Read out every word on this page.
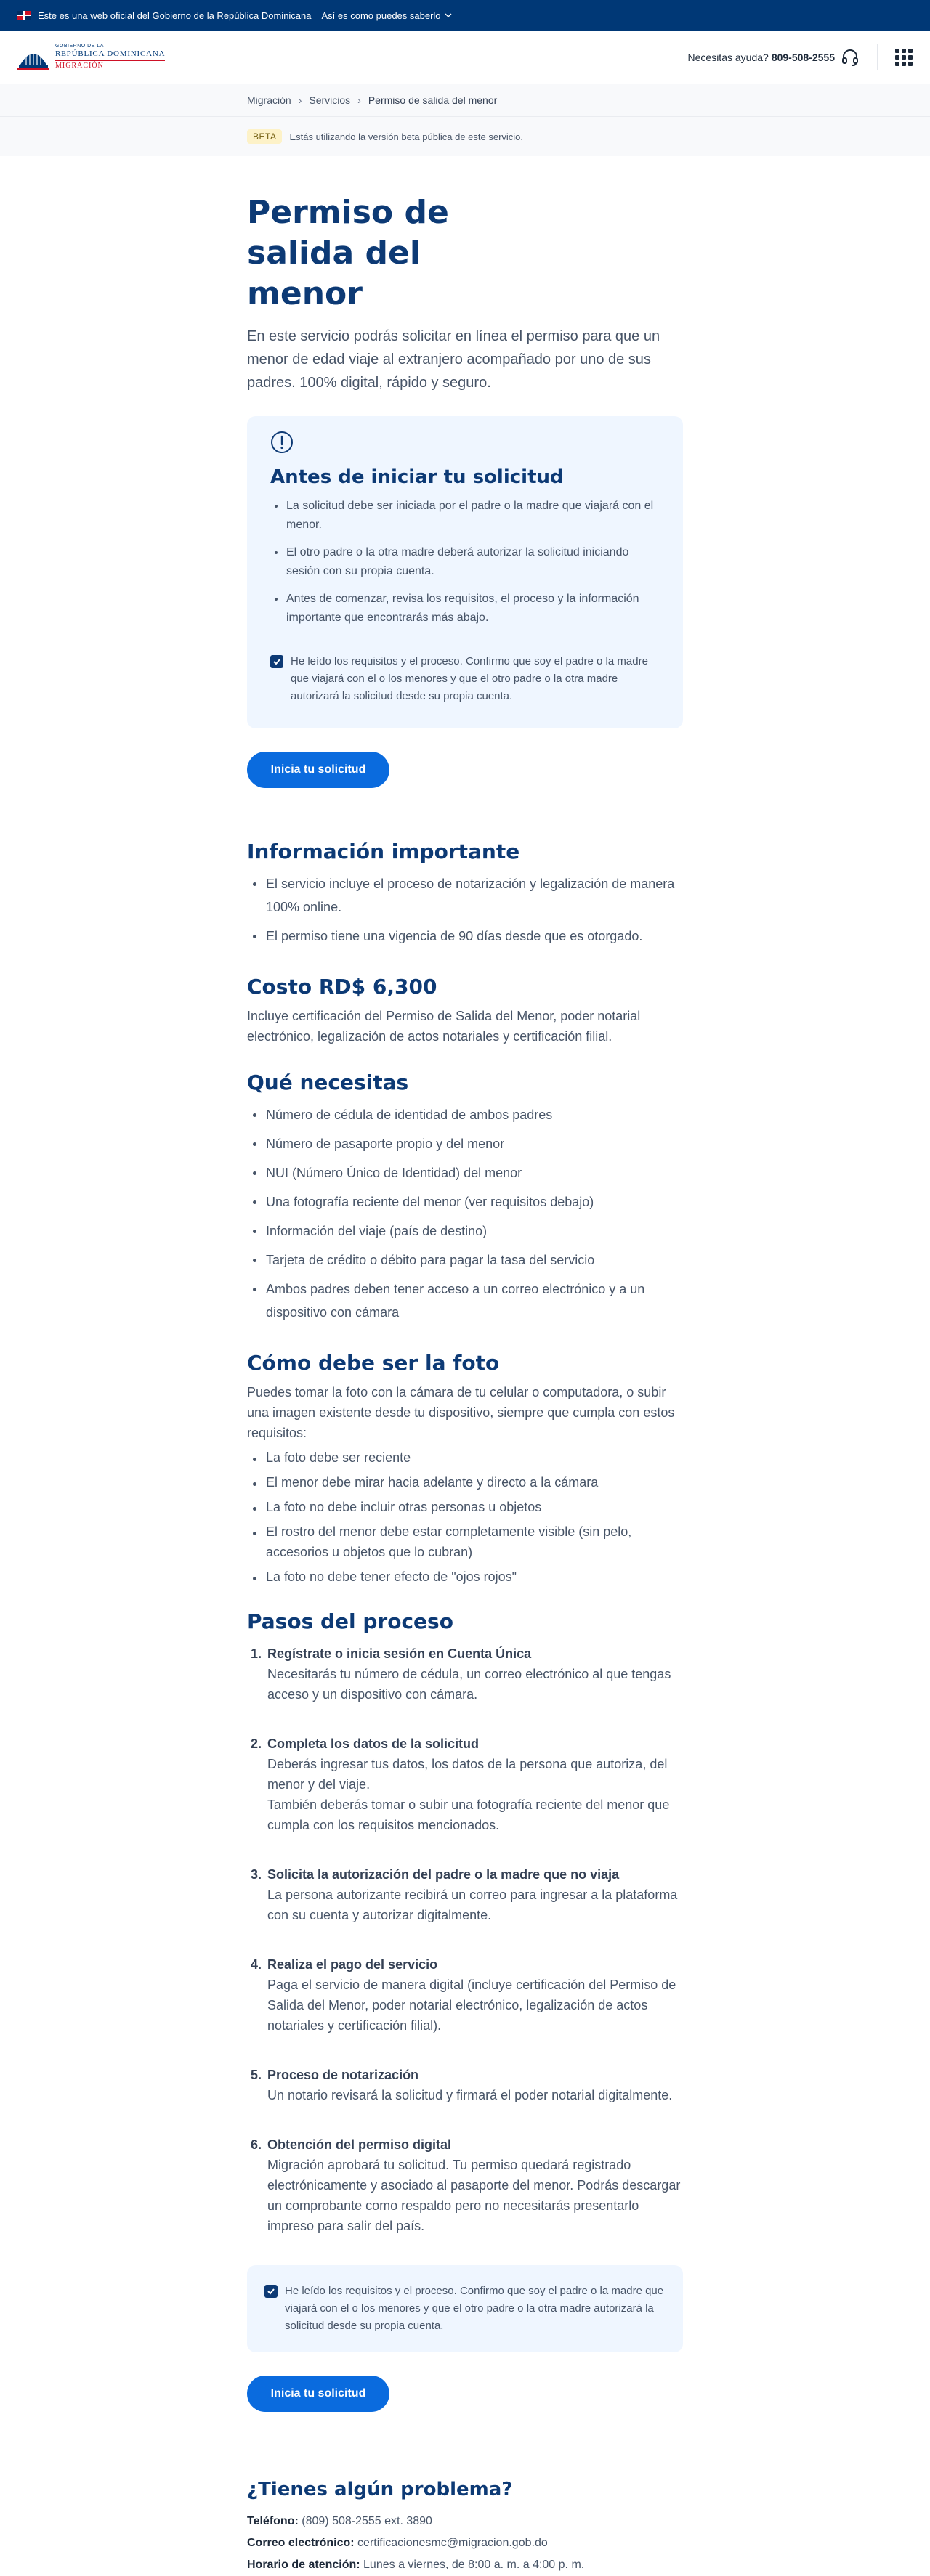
Este es una web oficial del Gobierno de la República Dominicana Así es como puedes saberlo
GOBIERNO DE LA
REPÚBLICA DOMINICANA
MIGRACIÓN
Necesitas ayuda? 809-508-2555
Migración › Servicios › Permiso de salida del menor
BETA	Estás utilizando la versión beta pública de este servicio.
Permiso de salida del menor

En este servicio podrás solicitar en línea el permiso para que un menor de edad viaje al extranjero acompañado por uno de sus padres. 100% digital, rápido y seguro.

Antes de iniciar tu solicitud
La solicitud debe ser iniciada por el padre o la madre que viajará con el menor.
El otro padre o la otra madre deberá autorizar la solicitud iniciando sesión con su propia cuenta.
Antes de comenzar, revisa los requisitos, el proceso y la información importante que encontrarás más abajo.
He leído los requisitos y el proceso. Confirmo que soy el padre o la madre que viajará con el o los menores y que el otro padre o la otra madre autorizará la solicitud desde su propia cuenta.
Inicia tu solicitud
Información importante
El servicio incluye el proceso de notarización y legalización de manera 100% online.
El permiso tiene una vigencia de 90 días desde que es otorgado.
Costo RD$ 6,300

Incluye certificación del Permiso de Salida del Menor, poder notarial electrónico, legalización de actos notariales y certificación filial.

Qué necesitas
Número de cédula de identidad de ambos padres
Número de pasaporte propio y del menor
NUI (Número Único de Identidad) del menor
Una fotografía reciente del menor (ver requisitos debajo)
Información del viaje (país de destino)
Tarjeta de crédito o débito para pagar la tasa del servicio
Ambos padres deben tener acceso a un correo electrónico y a un dispositivo con cámara
Cómo debe ser la foto

Puedes tomar la foto con la cámara de tu celular o computadora, o subir una imagen existente desde tu dispositivo, siempre que cumpla con estos requisitos:

La foto debe ser reciente
El menor debe mirar hacia adelante y directo a la cámara
La foto no debe incluir otras personas u objetos
El rostro del menor debe estar completamente visible (sin pelo, accesorios u objetos que lo cubran)
La foto no debe tener efecto de "ojos rojos"
Pasos del proceso
1. Regístrate o inicia sesión en Cuenta Única
Necesitarás tu número de cédula, un correo electrónico al que tengas acceso y un dispositivo con cámara.
2. Completa los datos de la solicitud
Deberás ingresar tus datos, los datos de la persona que autoriza, del menor y del viaje.
También deberás tomar o subir una fotografía reciente del menor que cumpla con los requisitos mencionados.
3. Solicita la autorización del padre o la madre que no viaja
La persona autorizante recibirá un correo para ingresar a la plataforma con su cuenta y autorizar digitalmente.
4. Realiza el pago del servicio
Paga el servicio de manera digital (incluye certificación del Permiso de Salida del Menor, poder notarial electrónico, legalización de actos notariales y certificación filial).
5. Proceso de notarización
Un notario revisará la solicitud y firmará el poder notarial digitalmente.
6. Obtención del permiso digital
Migración aprobará tu solicitud. Tu permiso quedará registrado electrónicamente y asociado al pasaporte del menor. Podrás descargar un comprobante como respaldo pero no necesitarás presentarlo impreso para salir del país.
He leído los requisitos y el proceso. Confirmo que soy el padre o la madre que viajará con el o los menores y que el otro padre o la otra madre autorizará la solicitud desde su propia cuenta.
Inicia tu solicitud
¿Tienes algún problema?

Teléfono: (809) 508-2555 ext. 3890

Correo electrónico: certificacionesmc@migracion.gob.do

Horario de atención: Lunes a viernes, de 8:00 a. m. a 4:00 p. m.
